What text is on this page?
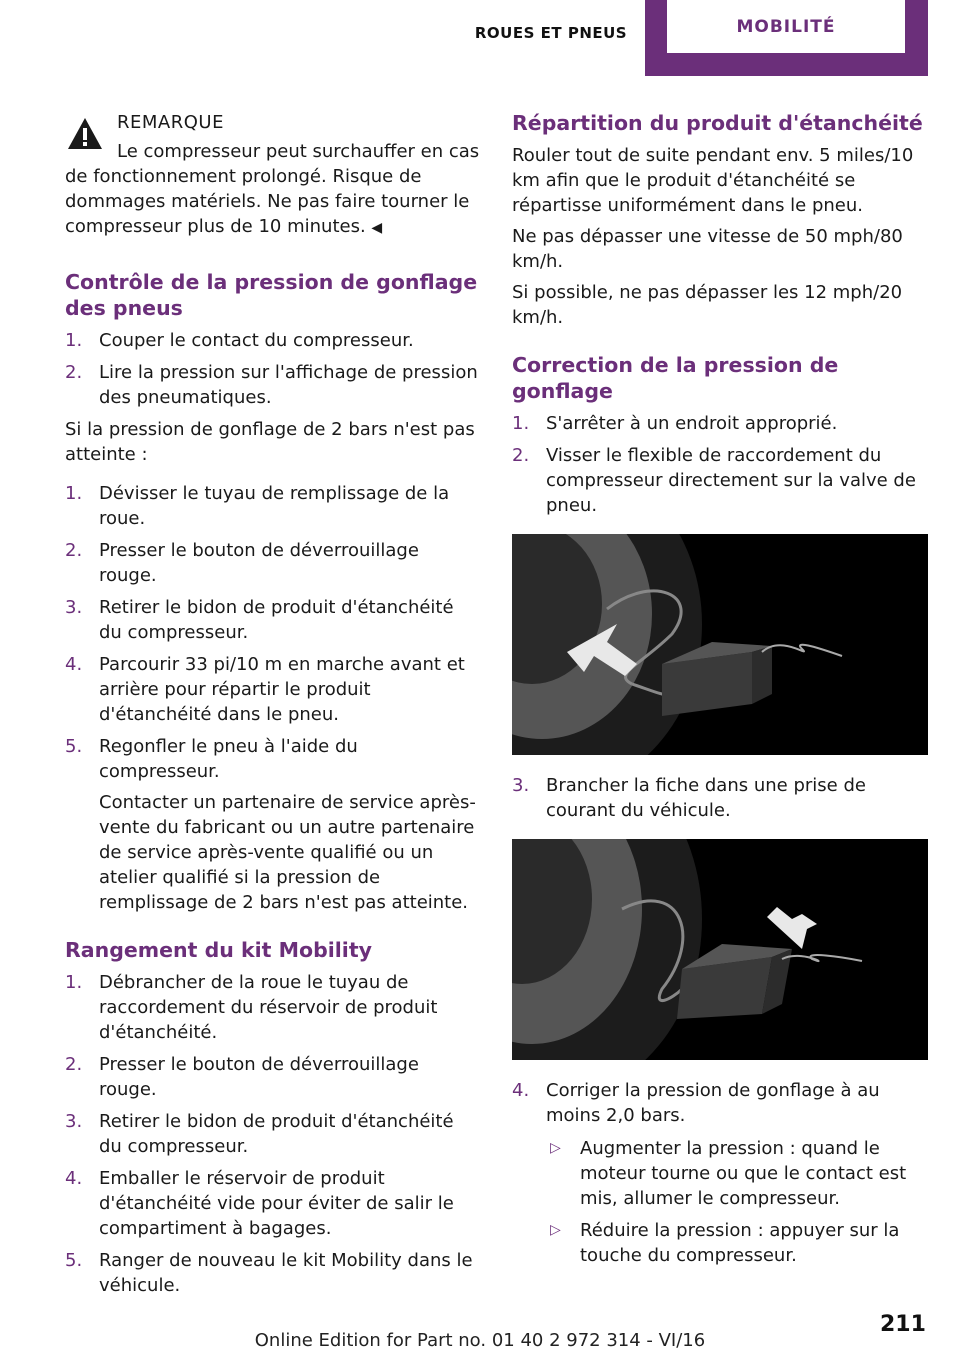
MOBILITÉ
ROUES ET PNEUS
REMARQUE

Le compresseur peut surchauffer en cas de fonctionnement prolongé. Risque de dommages matériels. Ne pas faire tourner le compresseur plus de 10 minutes. ◀

Contrôle de la pression de gonflage des pneus
1. Couper le contact du compresseur.
2. Lire la pression sur l'affichage de pression des pneumatiques.

Si la pression de gonflage de 2 bars n'est pas atteinte :

1. Dévisser le tuyau de remplissage de la roue.
2. Presser le bouton de déverrouillage rouge.
3. Retirer le bidon de produit d'étanchéité du compresseur.
4. Parcourir 33 pi/10 m en marche avant et arrière pour répartir le produit d'étanchéité dans le pneu.
5. Regonfler le pneu à l'aide du compresseur.
Contacter un partenaire de service après-vente du fabricant ou un autre partenaire de service après-vente qualifié ou un atelier qualifié si la pression de remplissage de 2 bars n'est pas atteinte.
Rangement du kit Mobility
1. Débrancher de la roue le tuyau de raccordement du réservoir de produit d'étanchéité.
2. Presser le bouton de déverrouillage rouge.
3. Retirer le bidon de produit d'étanchéité du compresseur.
4. Emballer le réservoir de produit d'étanchéité vide pour éviter de salir le compartiment à bagages.
5. Ranger de nouveau le kit Mobility dans le véhicule.
Répartition du produit d'étanchéité

Rouler tout de suite pendant env. 5 miles/10 km afin que le produit d'étanchéité se répartisse uniformément dans le pneu.

Ne pas dépasser une vitesse de 50 mph/80 km/h.

Si possible, ne pas dépasser les 12 mph/20 km/h.

Correction de la pression de gonflage
1. S'arrêter à un endroit approprié.
2. Visser le flexible de raccordement du compresseur directement sur la valve de pneu.
3. Brancher la fiche dans une prise de courant du véhicule.
4. Corriger la pression de gonflage à au moins 2,0 bars.
▷ Augmenter la pression : quand le moteur tourne ou que le contact est mis, allumer le compresseur.
▷ Réduire la pression : appuyer sur la touche du compresseur.
211
Online Edition for Part no. 01 40 2 972 314 - VI/16
